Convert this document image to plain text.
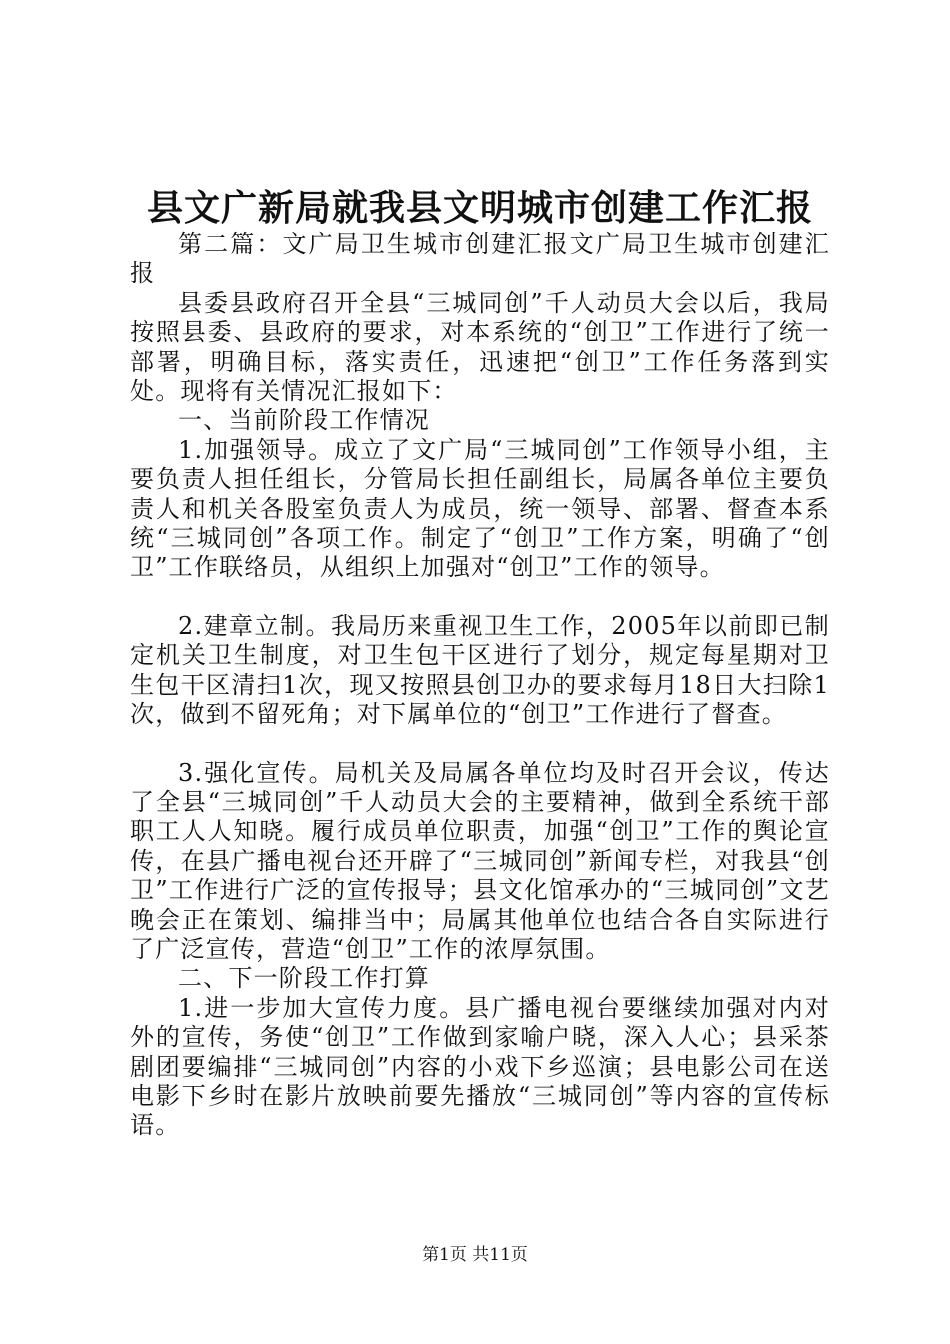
县文广新局就我县文明城市创建工作汇报

第二篇：文广局卫生城市创建汇报文广局卫生城市创建汇报

县委县政府召开全县“三城同创”千人动员大会以后，我局按照县委、县政府的要求，对本系统的“创卫”工作进行了统一部署，明确目标，落实责任，迅速把“创卫”工作任务落到实处。现将有关情况汇报如下：

一、当前阶段工作情况

1.加强领导。成立了文广局“三城同创”工作领导小组，主要负责人担任组长，分管局长担任副组长，局属各单位主要负责人和机关各股室负责人为成员，统一领导、部署、督查本系统“三城同创”各项工作。制定了“创卫”工作方案，明确了“创卫”工作联络员，从组织上加强对“创卫”工作的领导。

2.建章立制。我局历来重视卫生工作，2005年以前即已制定机关卫生制度，对卫生包干区进行了划分，规定每星期对卫生包干区清扫1次，现又按照县创卫办的要求每月18日大扫除1次，做到不留死角；对下属单位的“创卫”工作进行了督查。

3.强化宣传。局机关及局属各单位均及时召开会议，传达了全县“三城同创”千人动员大会的主要精神，做到全系统干部职工人人知晓。履行成员单位职责，加强“创卫”工作的舆论宣传，在县广播电视台还开辟了“三城同创”新闻专栏，对我县“创卫”工作进行广泛的宣传报导；县文化馆承办的“三城同创”文艺晚会正在策划、编排当中；局属其他单位也结合各自实际进行了广泛宣传，营造“创卫”工作的浓厚氛围。

二、下一阶段工作打算

1.进一步加大宣传力度。县广播电视台要继续加强对内对外的宣传，务使“创卫”工作做到家喻户晓，深入人心；县采茶剧团要编排“三城同创”内容的小戏下乡巡演；县电影公司在送电影下乡时在影片放映前要先播放“三城同创”等内容的宣传标语。

第1页 共11页
